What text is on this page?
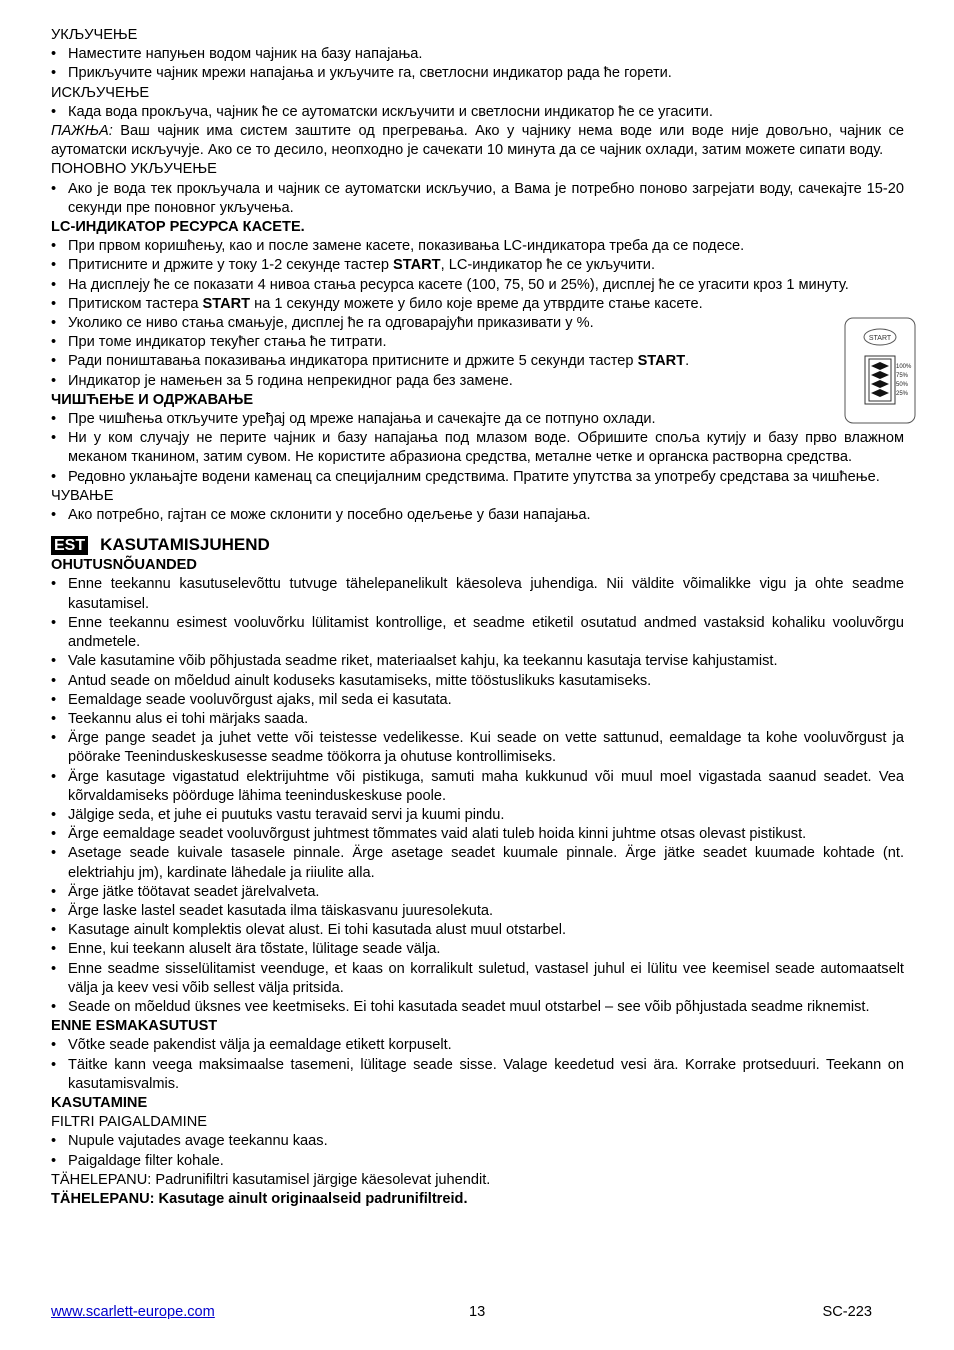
УКЉУЧЕЊЕ

• Наместите напуњен водом чајник на базу напајања.
• Прикључите чајник мрежи напајања и укључите га, светлосни индикатор рада ће горети.

ИСКЉУЧЕЊЕ

• Када вода прокључа, чајник ће се аутоматски искључити и светлосни индикатор ће се угасити.

ПАЖЊА: Ваш чајник има систем заштите од прегревања. Ако у чајнику нема воде или воде није довољно, чајник се аутоматски искључује. Ако се то десило, неопходно је сачекати 10 минута да се чајник охлади, затим можете сипати воду.

ПОНОВНО УКЉУЧЕЊЕ

• Ако је вода тек прокључала и чајник се аутоматски искључио, а Вама је потребно поново загрејати воду, сачекајте 15-20 секунди пре поновног укључења.

LC-ИНДИКАТОР РЕСУРСА КАСЕТЕ.

• При првом коришћењу, као и после замене касете, показивања LC-индикатора треба да се подесе.
• Притисните и држите у току 1-2 секунде тастер START, LC-индикатор ће се укључити.
• На дисплеју ће се показати 4 нивоа стања ресурса касете (100, 75, 50 и 25%), дисплеј ће се угасити кроз 1 минуту.
• Притиском тастера START на 1 секунду можете у било које време да утврдите стање касете.
• Уколико се ниво стања смањује, дисплеј ће га одговарајући приказивати у %.
• При томе индикатор текућег стања ће титрати.
• Ради поништавања показивања индикатора притисните и држите 5 секунди тастер START.
• Индикатор је намењен за 5 година непрекидног рада без замене.

ЧИШЋЕЊЕ И ОДРЖАВАЊЕ

• Пре чишћења откључите уређај од мреже напајања и сачекајте да се потпуно охлади.
• Ни у ком случају не перите чајник и базу напајања под млазом воде. Обришите споља кутију и базу прво влажном меканом тканином, затим сувом. Не користите абразиона средства, металне четке и органска растворна средства.
• Редовно уклањајте водени каменац са специјалним средствима. Пратите упутства за употребу средстава за чишћење.

ЧУВАЊЕ

• Ако потребно, гајтан се може склонити у посебно одељење у бази напајања.
EST KASUTAMISJUHEND

OHUTUSNÕUANDED

• Enne teekannu kasutuselevõttu tutvuge tähelepanelikult käesoleva juhendiga. Nii väldite võimalikke vigu ja ohte seadme kasutamisel.
• Enne teekannu esimest vooluvõrku lülitamist kontrollige, et seadme etiketil osutatud andmed vastaksid kohaliku vooluvõrgu andmetele.
• Vale kasutamine võib põhjustada seadme riket, materiaalset kahju, ka teekannu kasutaja tervise kahjustamist.
• Antud seade on mõeldud ainult koduseks kasutamiseks, mitte tööstuslikuks kasutamiseks.
• Eemaldage seade vooluvõrgust ajaks, mil seda ei kasutata.
• Teekannu alus ei tohi märjaks saada.
• Ärge pange seadet ja juhet vette või teistesse vedelikesse. Kui seade on vette sattunud, eemaldage ta kohe vooluvõrgust ja pöörake Teeninduskeskusesse seadme töökorra ja ohutuse kontrollimiseks.
• Ärge kasutage vigastatud elektrijuhtme või pistikuga, samuti maha kukkunud või muul moel vigastada saanud seadet. Vea kõrvaldamiseks pöörduge lähima teeninduskeskuse poole.
• Jälgige seda, et juhe ei puutuks vastu teravaid servi ja kuumi pindu.
• Ärge eemaldage seadet vooluvõrgust juhtmest tõmmates vaid alati tuleb hoida kinni juhtme otsas olevast pistikust.
• Asetage seade kuivale tasasele pinnale. Ärge asetage seadet kuumale pinnale. Ärge jätke seadet kuumade kohtade (nt. elektriahju jm), kardinate lähedale ja riiulite alla.
• Ärge jätke töötavat seadet järelvalveta.
• Ärge laske lastel seadet kasutada ilma täiskasvanu juuresolekuta.
• Kasutage ainult komplektis olevat alust. Ei tohi kasutada alust muul otstarbel.
• Enne, kui teekann aluselt ära tõstate, lülitage seade välja.
• Enne seadme sisselülitamist veenduge, et kaas on korralikult suletud, vastasel juhul ei lülitu vee keemisel seade automaatselt välja ja keev vesi võib sellest välja pritsida.
• Seade on mõeldud üksnes vee keetmiseks. Ei tohi kasutada seadet muul otstarbel – see võib põhjustada seadme riknemist.

ENNE ESMAKASUTUST

• Võtke seade pakendist välja ja eemaldage etikett korpuselt.
• Täitke kann veega maksimaalse tasemeni, lülitage seade sisse. Valage keedetud vesi ära. Korrake protseduuri. Teekann on kasutamisvalmis.

KASUTAMINE

FILTRI PAIGALDAMINE

• Nupule vajutades avage teekannu kaas.
• Paigaldage filter kohale.

TÄHELEPANU: Padrunifiltri kasutamisel järgige käesolevat juhendit.

TÄHELEPANU: Kasutage ainult originaalseid padrunifiltreid.

START
100%
75%
50%
25%
www.scarlett-europe.com	13	SC-223
